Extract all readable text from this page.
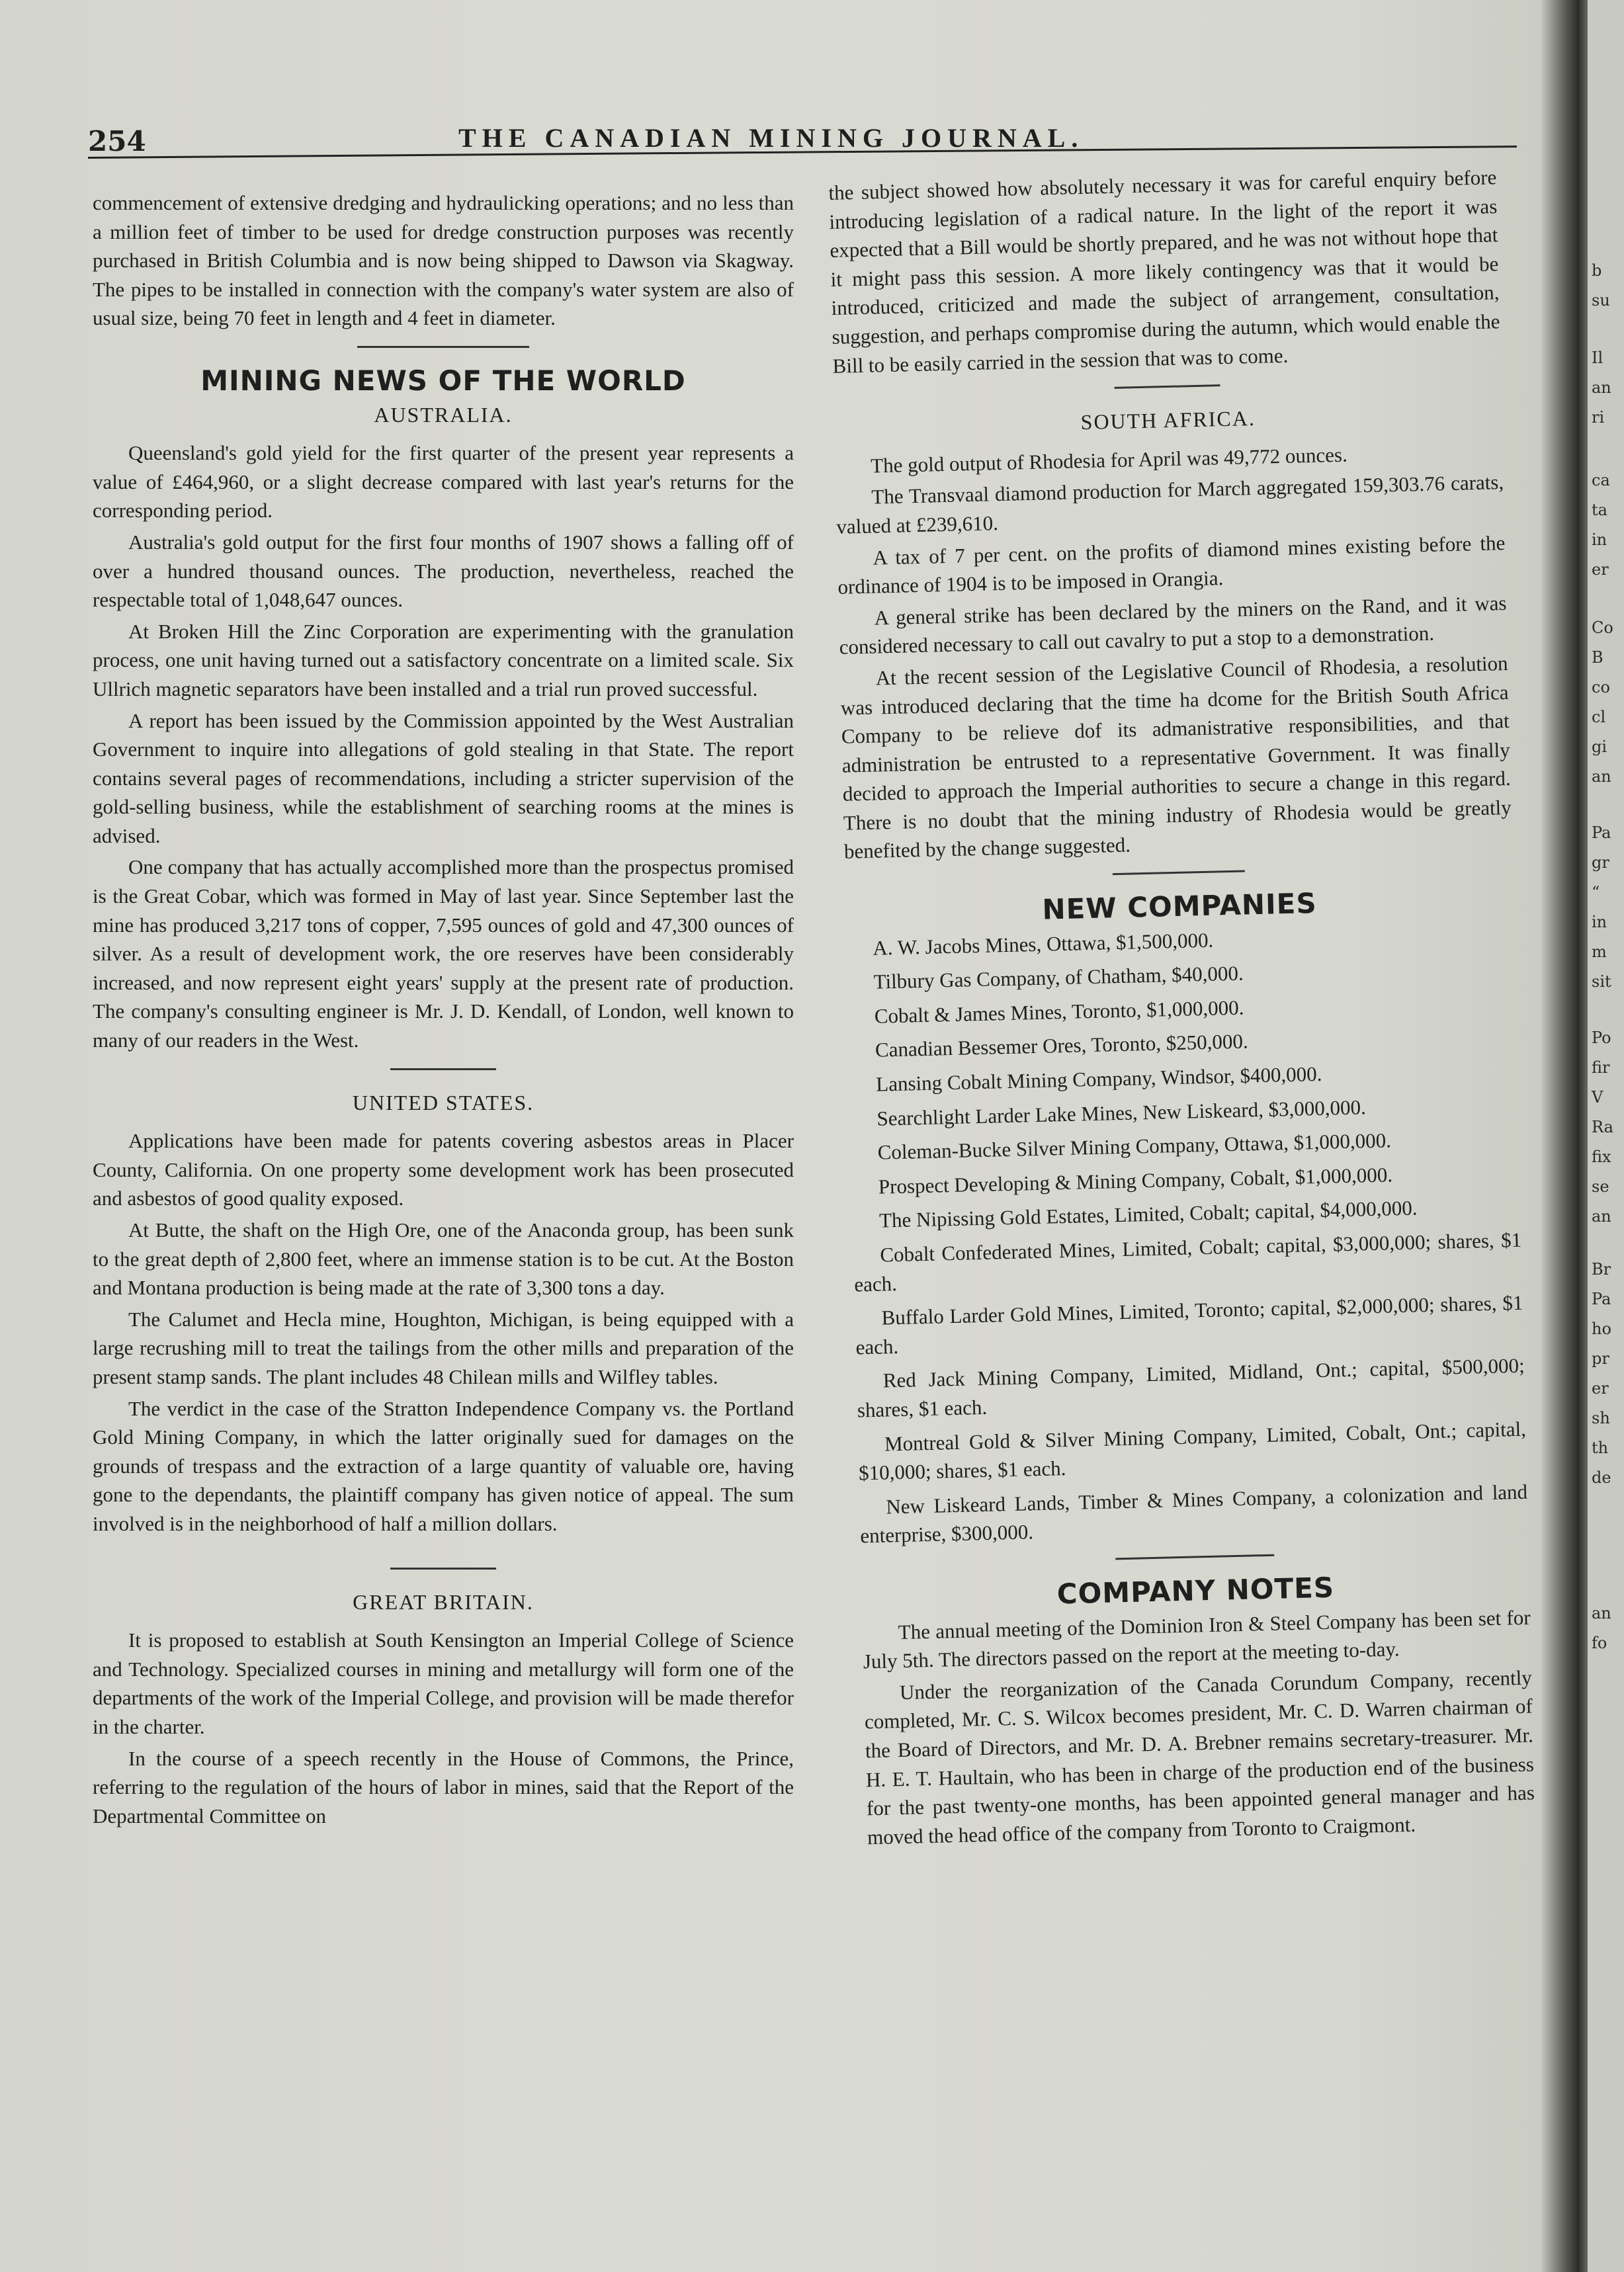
b
su
Il
an
ri
ca
ta
in
er
Co
B
co
cl
gi
an
Pa
gr
“
in
m
sit
Po
fir
V
Ra
fix
se
an
Br
Pa
ho
pr
er
sh
th
de
an
fo
254	THE CANADIAN MINING JOURNAL.

commencement of extensive dredging and hydraulicking operations; and no less than a million feet of timber to be used for dredge construction purposes was recently purchased in British Columbia and is now being shipped to Dawson via Skagway. The pipes to be installed in connection with the company's water system are also of usual size, being 70 feet in length and 4 feet in diameter.

MINING NEWS OF THE WORLD
AUSTRALIA.

Queensland's gold yield for the first quarter of the present year represents a value of £464,960, or a slight decrease compared with last year's returns for the corresponding period.

Australia's gold output for the first four months of 1907 shows a falling off of over a hundred thousand ounces. The production, nevertheless, reached the respectable total of 1,048,647 ounces.

At Broken Hill the Zinc Corporation are experimenting with the granulation process, one unit having turned out a satisfactory concentrate on a limited scale. Six Ullrich magnetic separators have been installed and a trial run proved successful.

A report has been issued by the Commission appointed by the West Australian Government to inquire into allegations of gold stealing in that State. The report contains several pages of recommendations, including a stricter supervision of the gold-selling business, while the establishment of searching rooms at the mines is advised.

One company that has actually accomplished more than the prospectus promised is the Great Cobar, which was formed in May of last year. Since September last the mine has produced 3,217 tons of copper, 7,595 ounces of gold and 47,300 ounces of silver. As a result of development work, the ore reserves have been considerably increased, and now represent eight years' supply at the present rate of production. The company's consulting engineer is Mr. J. D. Kendall, of London, well known to many of our readers in the West.

UNITED STATES.

Applications have been made for patents covering asbestos areas in Placer County, California. On one property some development work has been prosecuted and asbestos of good quality exposed.

At Butte, the shaft on the High Ore, one of the Anaconda group, has been sunk to the great depth of 2,800 feet, where an immense station is to be cut. At the Boston and Montana production is being made at the rate of 3,300 tons a day.

The Calumet and Hecla mine, Houghton, Michigan, is being equipped with a large recrushing mill to treat the tailings from the other mills and preparation of the present stamp sands. The plant includes 48 Chilean mills and Wilfley tables.

The verdict in the case of the Stratton Independence Company vs. the Portland Gold Mining Company, in which the latter originally sued for damages on the grounds of trespass and the extraction of a large quantity of valuable ore, having gone to the dependants, the plaintiff company has given notice of appeal. The sum involved is in the neighborhood of half a million dollars.

GREAT BRITAIN.

It is proposed to establish at South Kensington an Imperial College of Science and Technology. Specialized courses in mining and metallurgy will form one of the departments of the work of the Imperial College, and provision will be made therefor in the charter.

In the course of a speech recently in the House of Commons, the Prince, referring to the regulation of the hours of labor in mines, said that the Report of the Departmental Committee on

the subject showed how absolutely necessary it was for careful enquiry before introducing legislation of a radical nature. In the light of the report it was expected that a Bill would be shortly prepared, and he was not without hope that it might pass this session. A more likely contingency was that it would be introduced, criticized and made the subject of arrangement, consultation, suggestion, and perhaps compromise during the autumn, which would enable the Bill to be easily carried in the session that was to come.

SOUTH AFRICA.

The gold output of Rhodesia for April was 49,772 ounces.

The Transvaal diamond production for March aggregated 159,303.76 carats, valued at £239,610.

A tax of 7 per cent. on the profits of diamond mines existing before the ordinance of 1904 is to be imposed in Orangia.

A general strike has been declared by the miners on the Rand, and it was considered necessary to call out cavalry to put a stop to a demonstration.

At the recent session of the Legislative Council of Rhodesia, a resolution was introduced declaring that the time ha dcome for the British South Africa Company to be relieve dof its admanistrative responsibilities, and that administration be entrusted to a representative Government. It was finally decided to approach the Imperial authorities to secure a change in this regard. There is no doubt that the mining industry of Rhodesia would be greatly benefited by the change suggested.

NEW COMPANIES

A. W. Jacobs Mines, Ottawa, $1,500,000.

Tilbury Gas Company, of Chatham, $40,000.

Cobalt & James Mines, Toronto, $1,000,000.

Canadian Bessemer Ores, Toronto, $250,000.

Lansing Cobalt Mining Company, Windsor, $400,000.

Searchlight Larder Lake Mines, New Liskeard, $3,000,000.

Coleman-Bucke Silver Mining Company, Ottawa, $1,000,000.

Prospect Developing & Mining Company, Cobalt, $1,000,000.

The Nipissing Gold Estates, Limited, Cobalt; capital, $4,000,000.

Cobalt Confederated Mines, Limited, Cobalt; capital, $3,000,000; shares, $1 each.

Buffalo Larder Gold Mines, Limited, Toronto; capital, $2,000,000; shares, $1 each.

Red Jack Mining Company, Limited, Midland, Ont.; capital, $500,000; shares, $1 each.

Montreal Gold & Silver Mining Company, Limited, Cobalt, Ont.; capital, $10,000; shares, $1 each.

New Liskeard Lands, Timber & Mines Company, a colonization and land enterprise, $300,000.

COMPANY NOTES

The annual meeting of the Dominion Iron & Steel Company has been set for July 5th. The directors passed on the report at the meeting to-day.

Under the reorganization of the Canada Corundum Company, recently completed, Mr. C. S. Wilcox becomes president, Mr. C. D. Warren chairman of the Board of Directors, and Mr. D. A. Brebner remains secretary-treasurer. Mr. H. E. T. Haultain, who has been in charge of the production end of the business for the past twenty-one months, has been appointed general manager and has moved the head office of the company from Toronto to Craigmont.
